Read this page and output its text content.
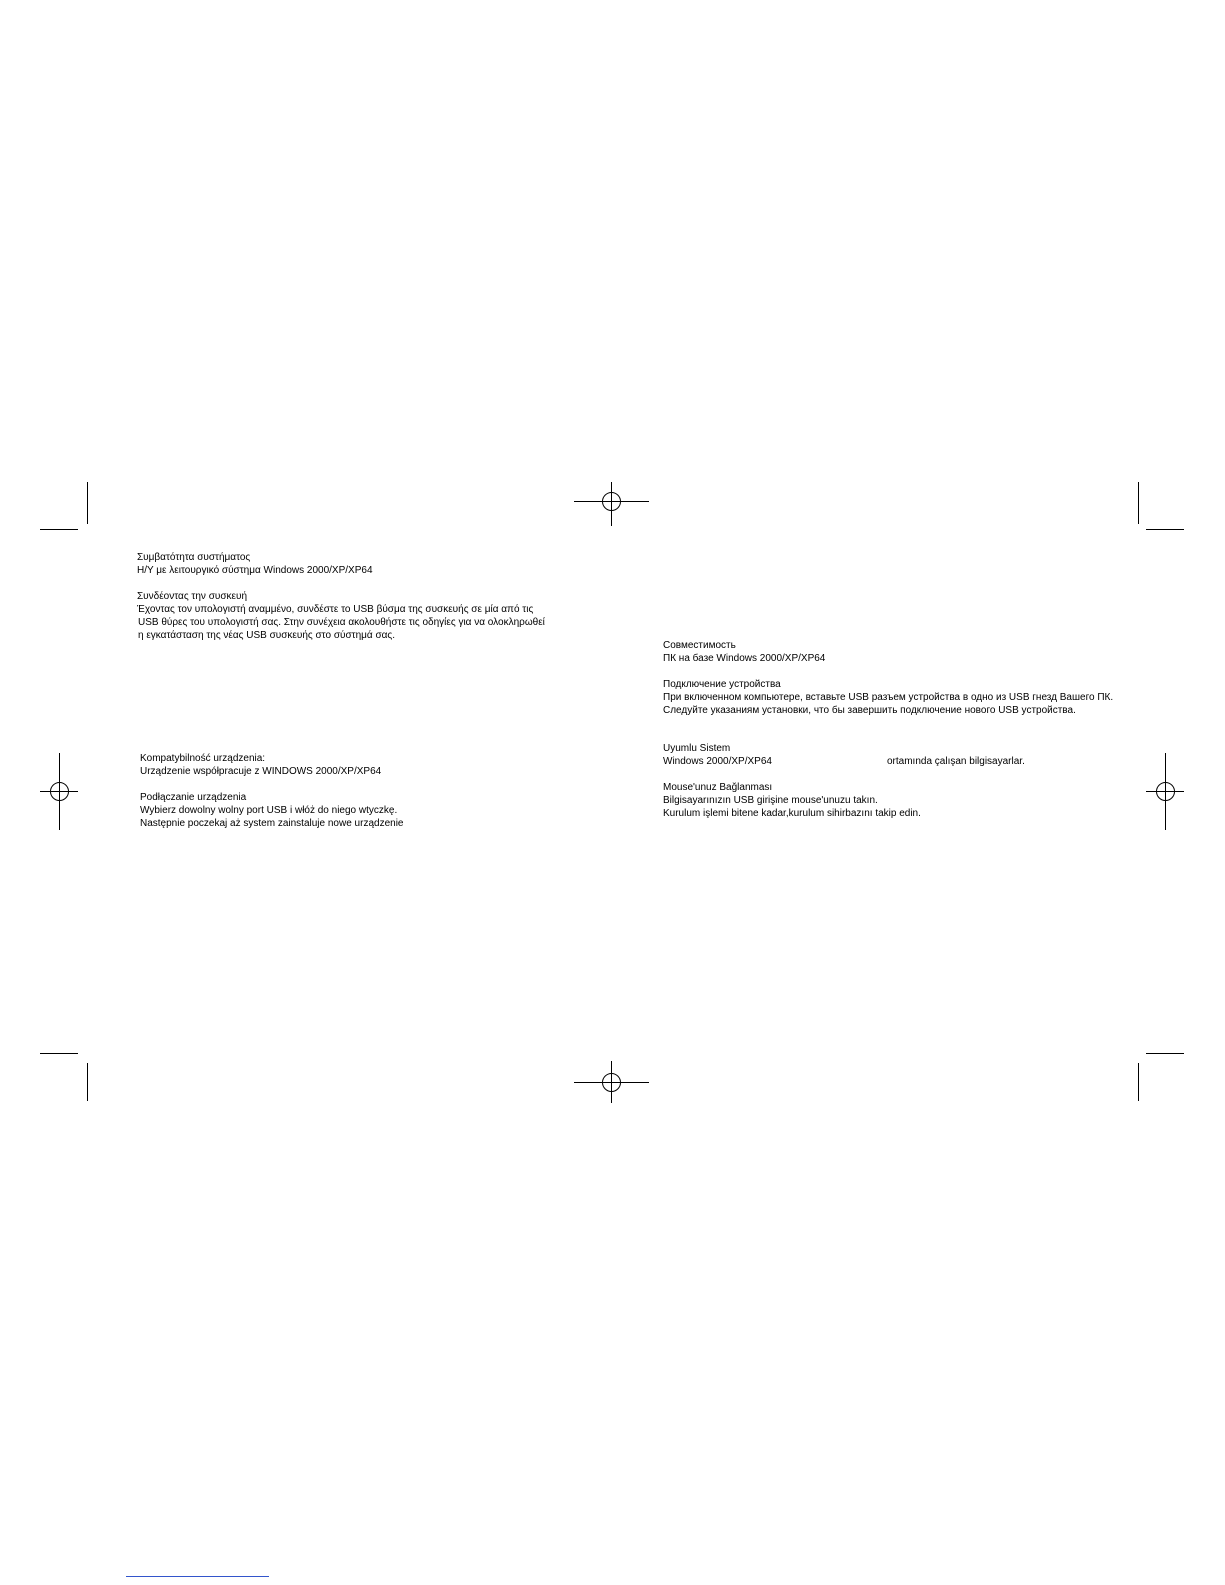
Συμβατότητα συστήματος
Η/Υ με λειτουργικό σύστημα Windows 2000/XP/XP64
Συνδέοντας την συσκευή
Έχοντας τον υπολογιστή αναμμένο, συνδέστε το USB βύσμα της συσκευής σε μία από τις
USB θύρες του υπολογιστή σας. Στην συνέχεια ακολουθήστε τις οδηγίες για να ολοκληρωθεί
η εγκατάσταση της νέας USB συσκευής στο σύστημά σας.
Kompatybilność urządzenia:
Urządzenie współpracuje z WINDOWS 2000/XP/XP64
Podłączanie urządzenia
Wybierz dowolny wolny port USB i włóż do niego wtyczkę.
Następnie poczekaj aż system zainstaluje nowe urządzenie
Совместимость
ПК на базе Windows 2000/XP/XP64
Подключение устройства
При включенном компьютере, вставьте USB разъем устройства в одно из USB гнезд Вашего ПК.
Следуйте указаниям установки, что бы завершить подключение нового USB устройства.
Uyumlu Sistem
Windows 2000/XP/XP64	ortamında çalışan bilgisayarlar.
Mouse'unuz Bağlanması
Bilgisayarınızın USB girişine mouse'unuzu takın.
Kurulum işlemi bitene kadar,kurulum sihirbazını takip edin.
